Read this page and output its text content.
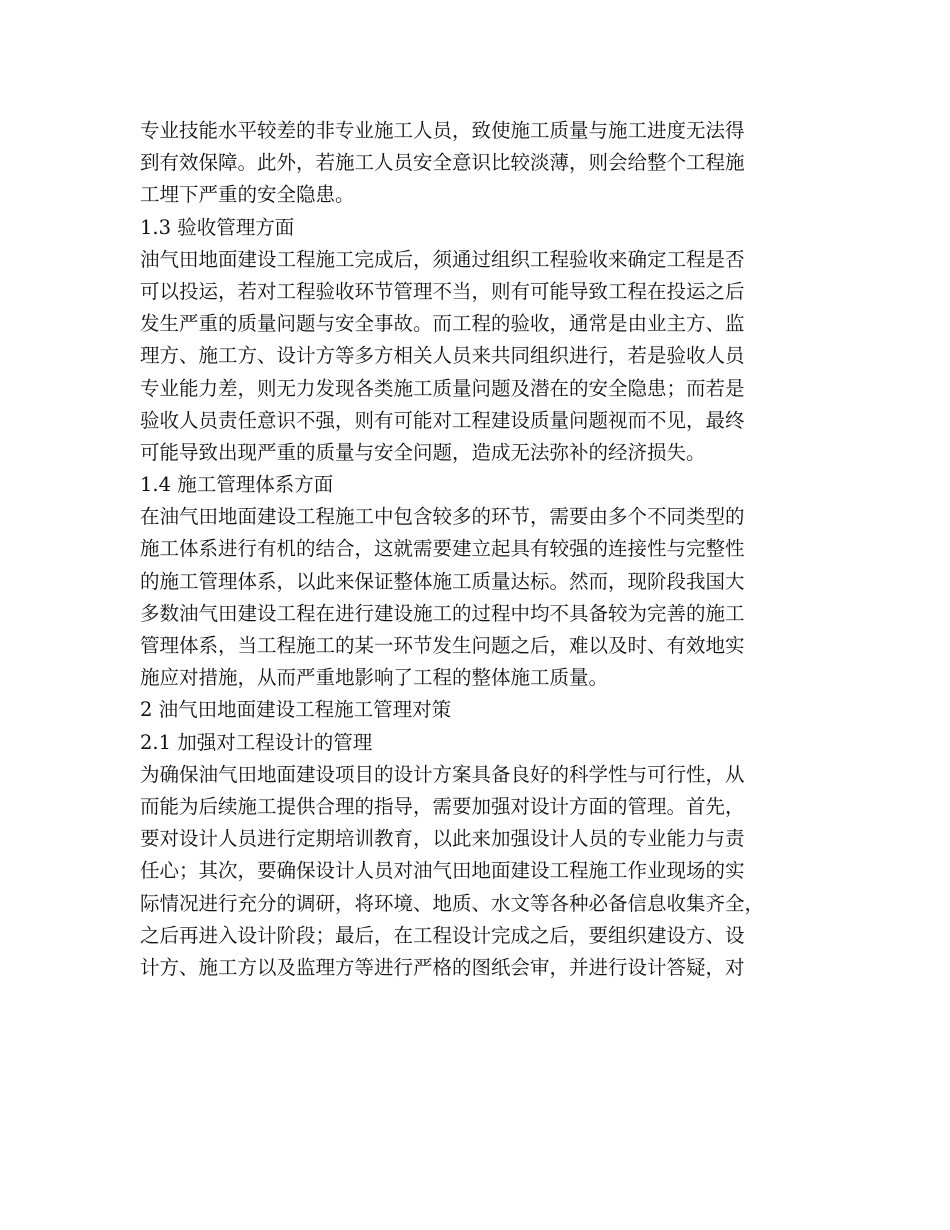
专业技能水平较差的非专业施工人员，致使施工质量与施工进度无法得
到有效保障。此外，若施工人员安全意识比较淡薄，则会给整个工程施
工埋下严重的安全隐患。
1.3 验收管理方面
油气田地面建设工程施工完成后，须通过组织工程验收来确定工程是否
可以投运，若对工程验收环节管理不当，则有可能导致工程在投运之后
发生严重的质量问题与安全事故。而工程的验收，通常是由业主方、监
理方、施工方、设计方等多方相关人员来共同组织进行，若是验收人员
专业能力差，则无力发现各类施工质量问题及潜在的安全隐患；而若是
验收人员责任意识不强，则有可能对工程建设质量问题视而不见，最终
可能导致出现严重的质量与安全问题，造成无法弥补的经济损失。
1.4 施工管理体系方面
在油气田地面建设工程施工中包含较多的环节，需要由多个不同类型的
施工体系进行有机的结合，这就需要建立起具有较强的连接性与完整性
的施工管理体系，以此来保证整体施工质量达标。然而，现阶段我国大
多数油气田建设工程在进行建设施工的过程中均不具备较为完善的施工
管理体系，当工程施工的某一环节发生问题之后，难以及时、有效地实
施应对措施，从而严重地影响了工程的整体施工质量。
2 油气田地面建设工程施工管理对策
2.1 加强对工程设计的管理
为确保油气田地面建设项目的设计方案具备良好的科学性与可行性，从
而能为后续施工提供合理的指导，需要加强对设计方面的管理。首先，
要对设计人员进行定期培训教育，以此来加强设计人员的专业能力与责
任心；其次，要确保设计人员对油气田地面建设工程施工作业现场的实
际情况进行充分的调研，将环境、地质、水文等各种必备信息收集齐全，
之后再进入设计阶段；最后，在工程设计完成之后，要组织建设方、设
计方、施工方以及监理方等进行严格的图纸会审，并进行设计答疑，对
